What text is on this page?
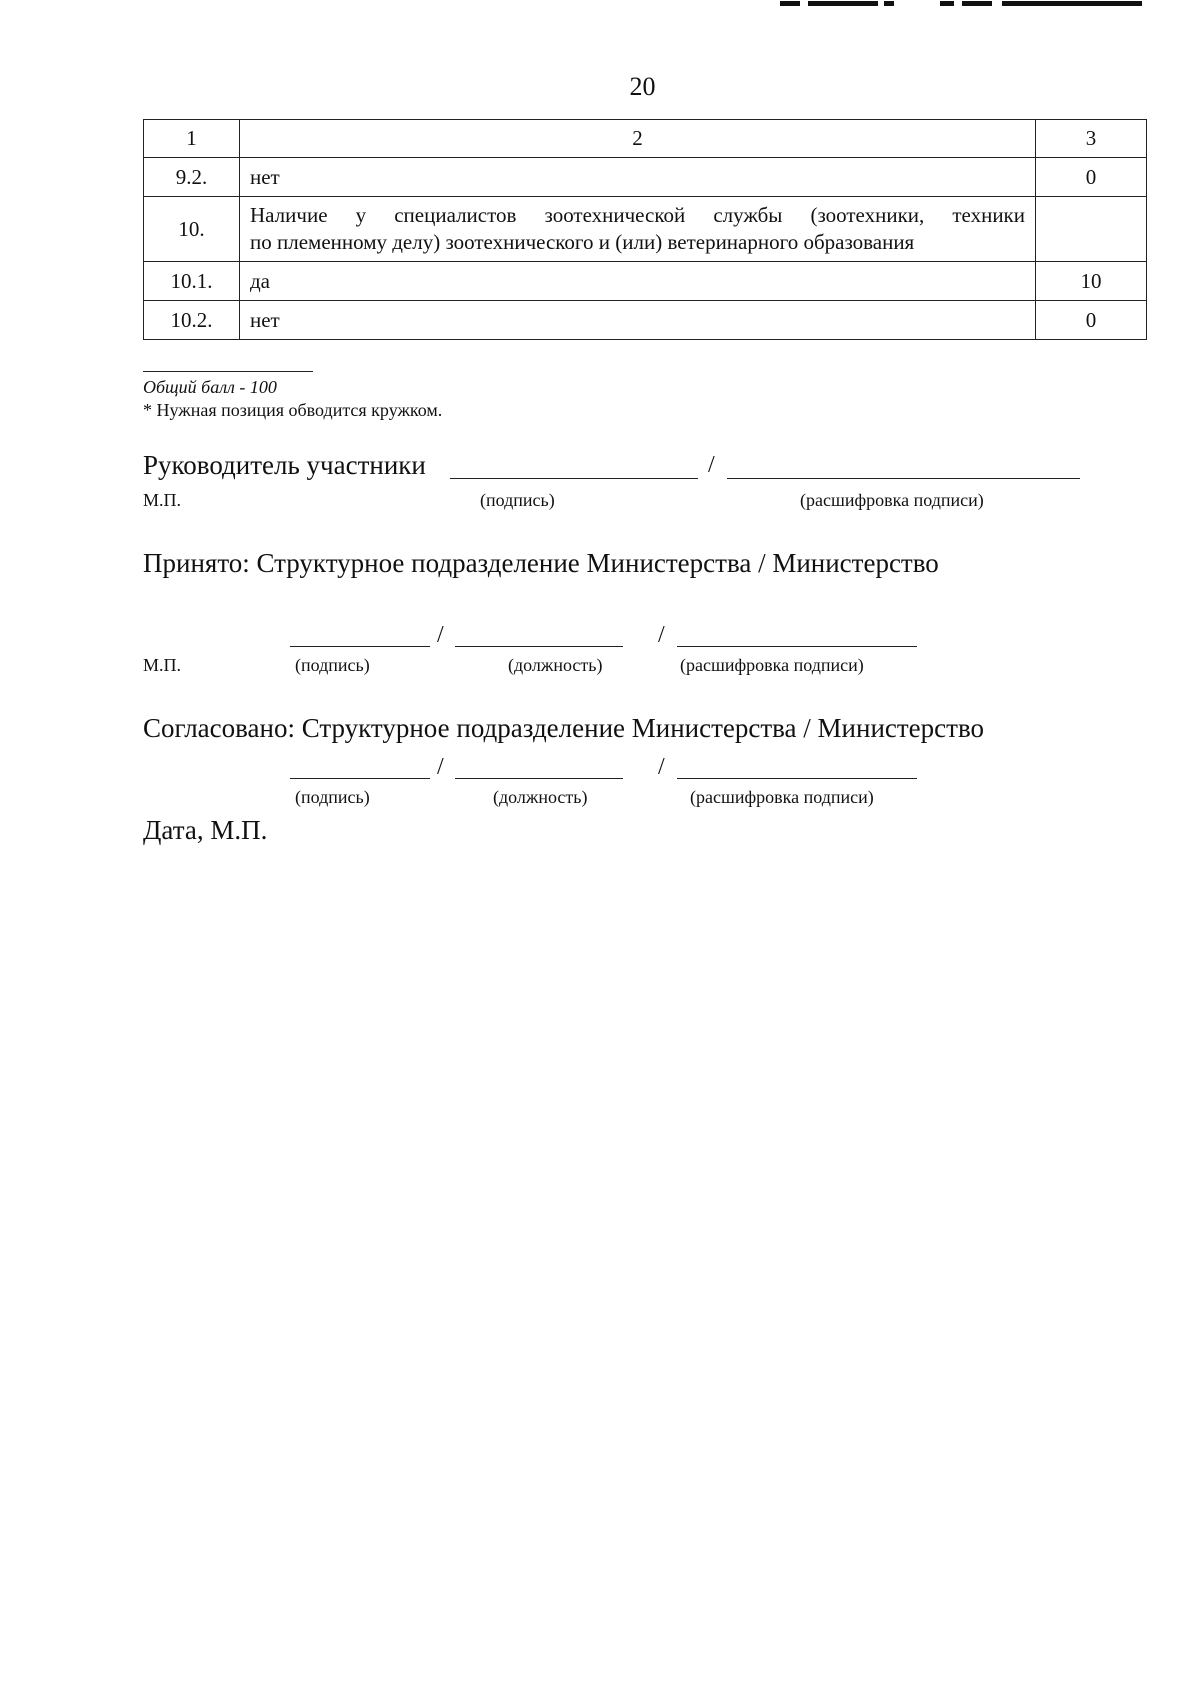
20
1	2	3
9.2.	нет	0
10.	Наличие у специалистов зоотехнической службы (зоотехники, техники
по племенному делу) зоотехнического и (или) ветеринарного образования	

10.1.	да	10
10.2.	нет	0
Общий балл - 100
* Нужная позиция обводится кружком.
Руководитель участники	/
М.П.	(подпись)	(расшифровка подписи)
Принято: Структурное подразделение Министерства / Министерство
/	/
М.П.	(подпись)	(должность)	(расшифровка подписи)
Согласовано: Структурное подразделение Министерства / Министерство
/	/
(подпись)	(должность)	(расшифровка подписи)
Дата, М.П.
